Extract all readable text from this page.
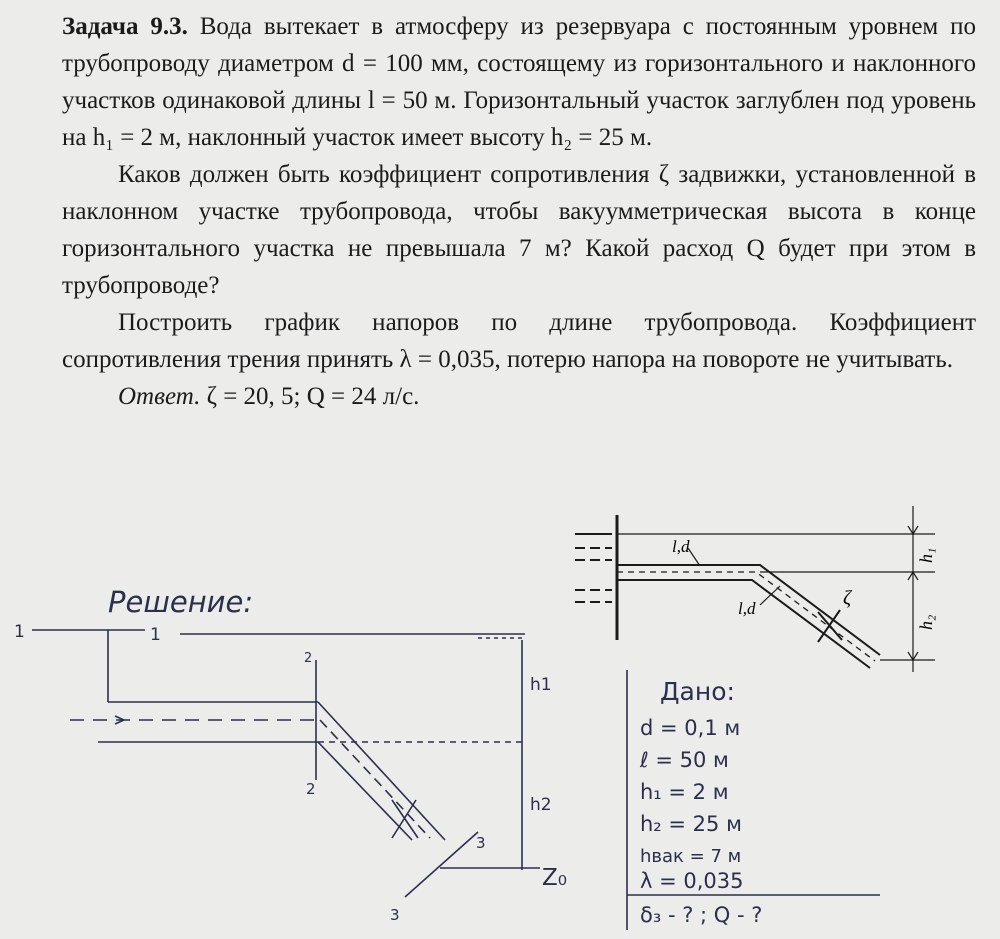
Задача 9.3. Вода вытекает в атмосферу из резервуара с постоянным уровнем по трубопроводу диаметром d = 100 мм, состоящему из горизонтального и наклонного участков одинаковой длины l = 50 м. Горизонтальный участок заглублен под уровень на h₁ = 2 м, наклонный участок имеет высоту h₂ = 25 м.

Каков должен быть коэффициент сопротивления ζ задвижки, установленной в наклонном участке трубопровода, чтобы вакуумметрическая высота в конце горизонтального участка не превышала 7 м? Какой расход Q будет при этом в трубопроводе?

Построить график напоров по длине трубопровода. Коэффициент сопротивления трения принять λ = 0,035, потерю напора на повороте не учитывать.

Ответ. ζ = 20, 5; Q = 24 л/с.

l,d
l,d	ζ
h₁
h₂
Решение:
1	1
2
2
3
3
h1
h2
Z₀
Дано:
d = 0,1 м
ℓ = 50 м
h₁ = 2 м
h₂ = 25 м
hвак = 7 м
λ = 0,035
δ₃ - ? ; Q - ?
